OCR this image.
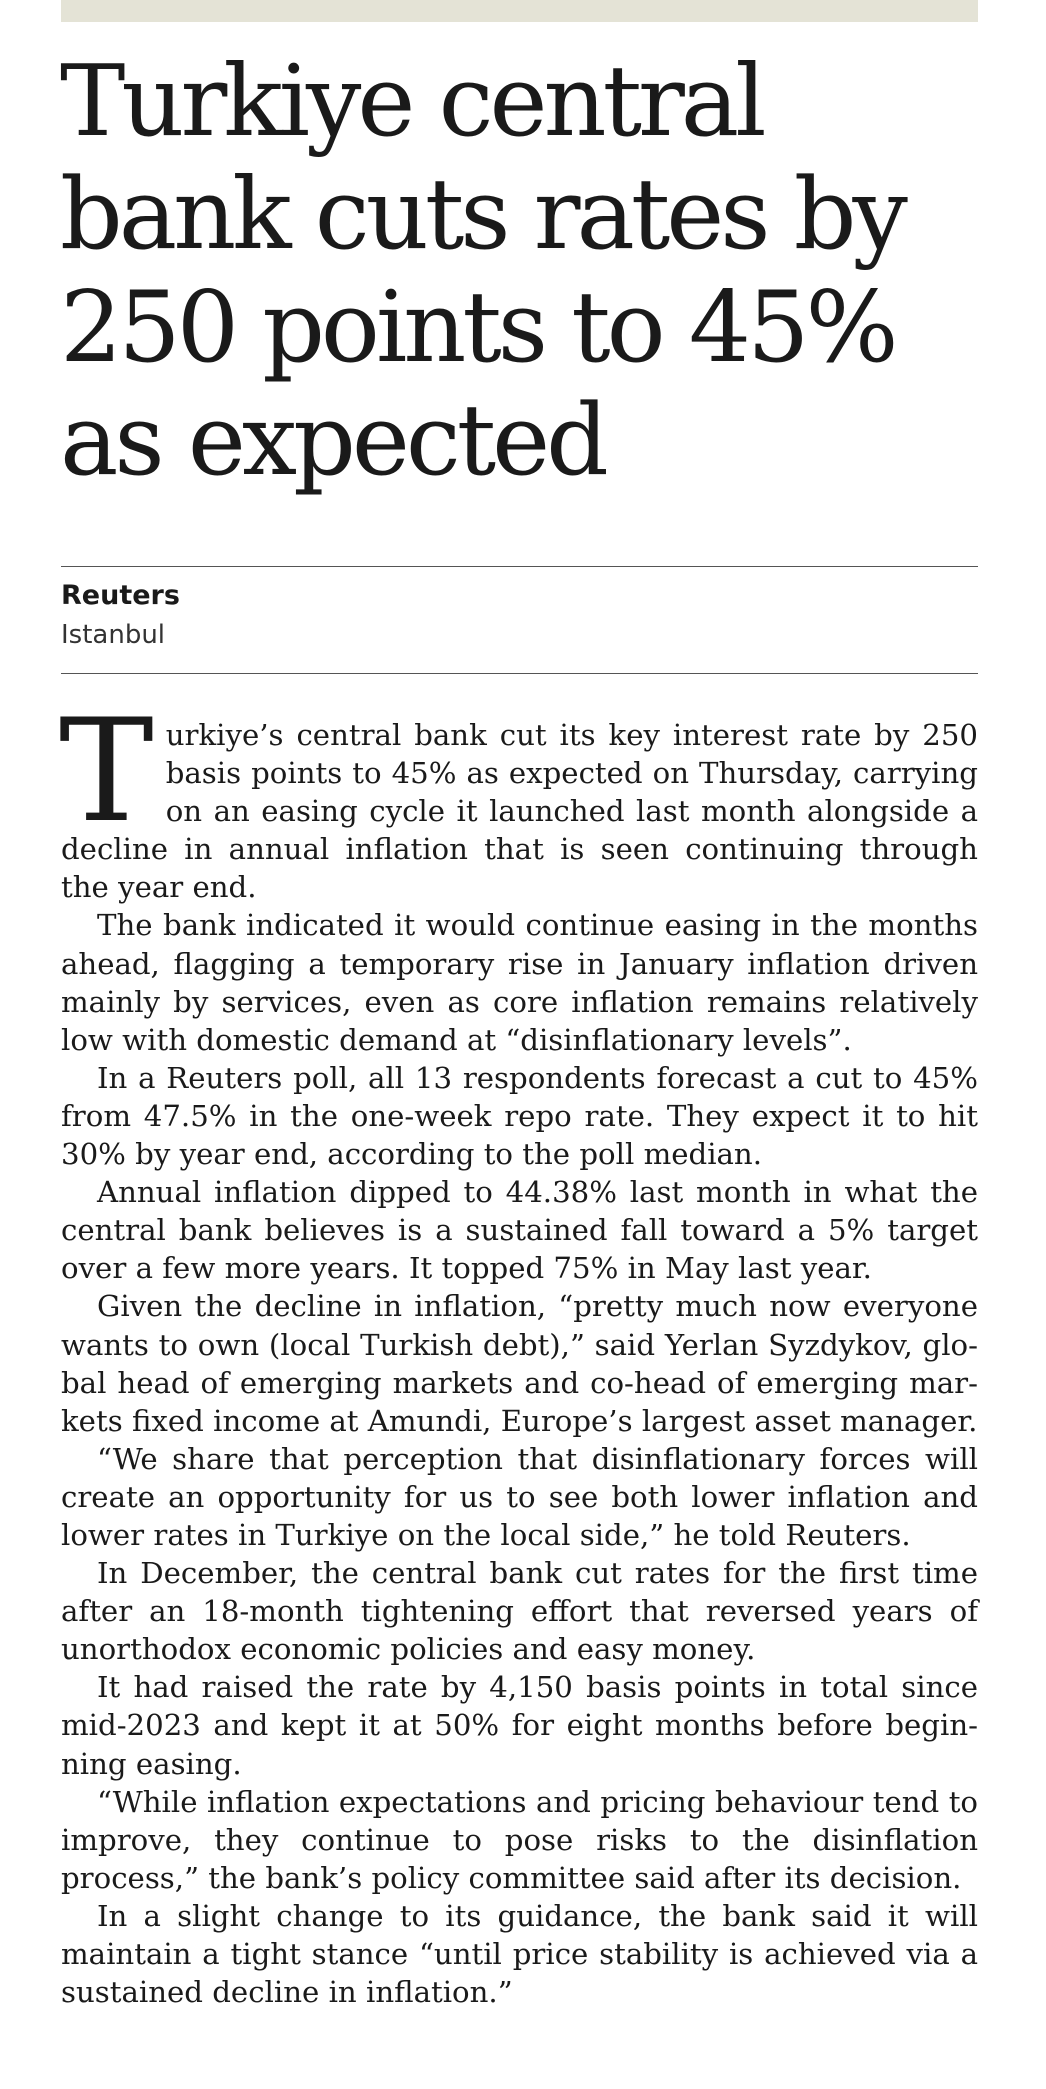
Turkiye central bank cuts rates by 250 points to 45% as expected
Reuters
Istanbul

Turkiye’s central bank cut its key interest rate by 250 basis points to 45% as expected on Thursday, carrying on an easing cycle it launched last month alongside a decline in annual inflation that is seen continuing through the year end.

The bank indicated it would continue easing in the months ahead, flagging a temporary rise in January inflation driven mainly by services, even as core inflation remains relatively low with domestic demand at “disinflationary levels”.

In a Reuters poll, all 13 respondents forecast a cut to 45% from 47.5% in the one-week repo rate. They expect it to hit 30% by year end, according to the poll median.

Annual inflation dipped to 44.38% last month in what the central bank believes is a sustained fall toward a 5% target over a few more years. It topped 75% in May last year.

Given the decline in inflation, “pretty much now everyone wants to own (local Turkish debt),” said Yerlan Syzdykov, global head of emerging markets and co-head of emerging markets fixed income at Amundi, Europe’s largest asset manager.

“We share that perception that disinflationary forces will create an opportunity for us to see both lower inflation and lower rates in Turkiye on the local side,” he told Reuters.

In December, the central bank cut rates for the first time after an 18-month tightening effort that reversed years of unorthodox economic policies and easy money.

It had raised the rate by 4,150 basis points in total since mid-2023 and kept it at 50% for eight months before beginning easing.

“While inflation expectations and pricing behaviour tend to improve, they continue to pose risks to the disinflation process,” the bank’s policy committee said after its decision.

In a slight change to its guidance, the bank said it will maintain a tight stance “until price stability is achieved via a sustained decline in inflation.”
